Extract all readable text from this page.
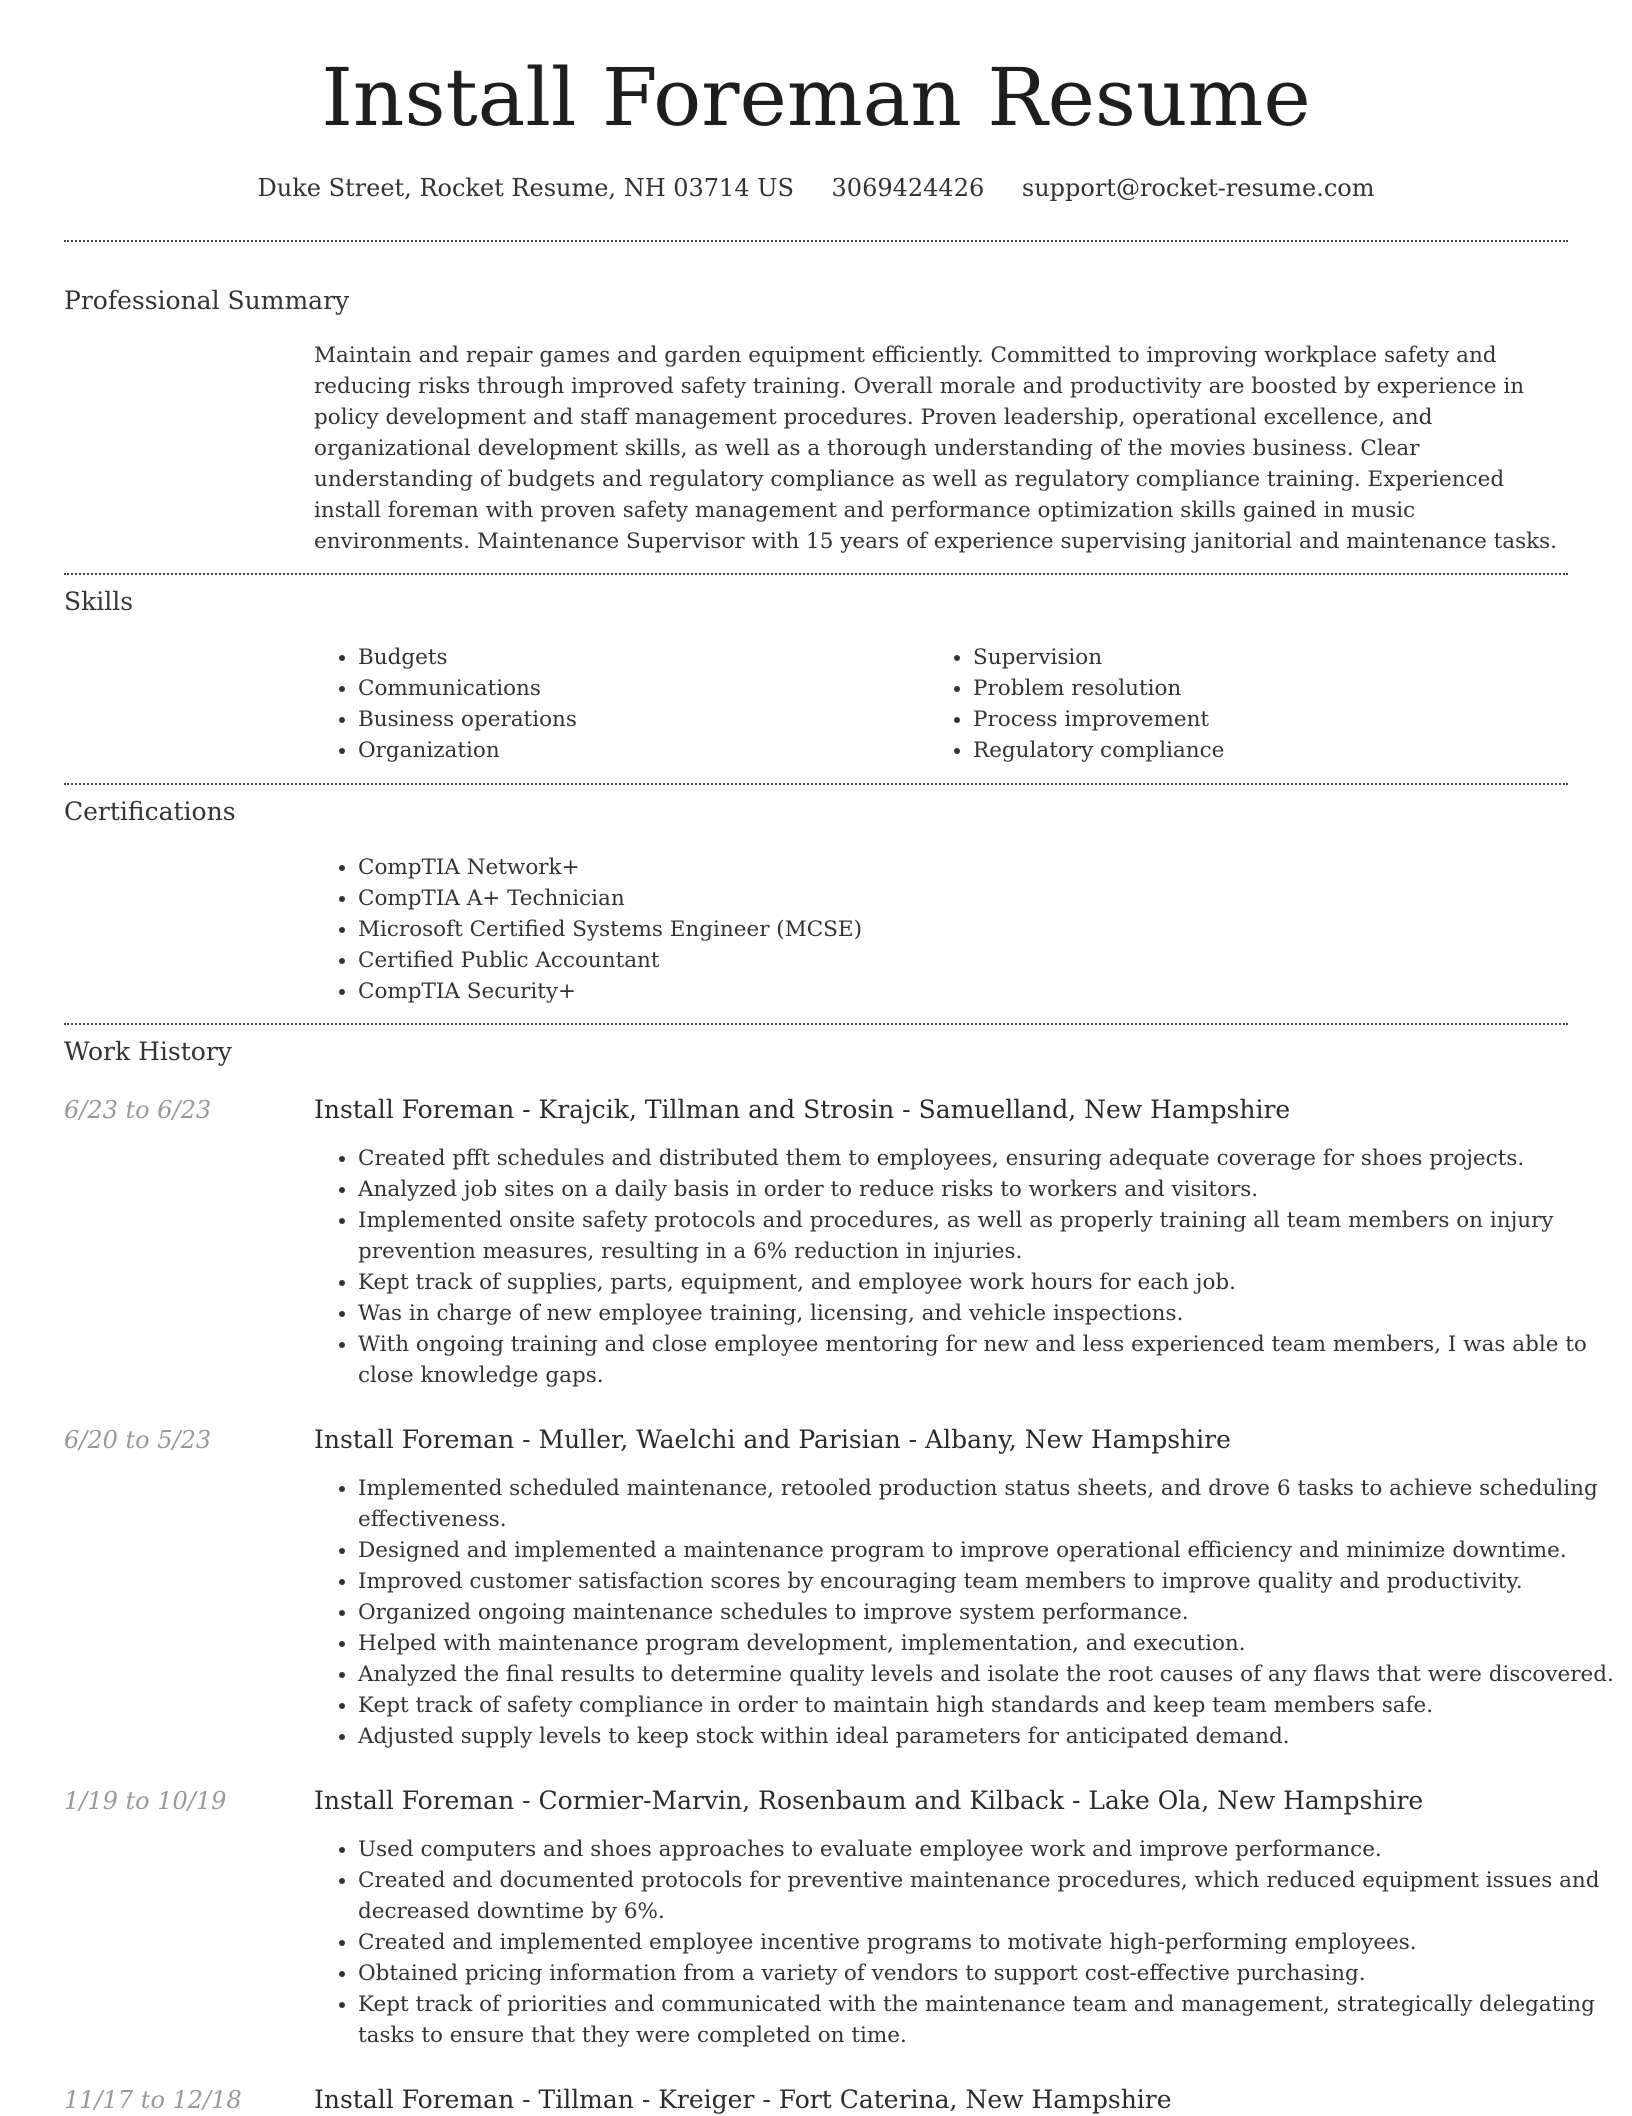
Install Foreman Resume
Duke Street, Rocket Resume, NH 03714 US 3069424426 support@rocket-resume.com
Professional Summary

Maintain and repair games and garden equipment efficiently. Committed to improving workplace safety and reducing risks through improved safety training. Overall morale and productivity are boosted by experience in policy development and staff management procedures. Proven leadership, operational excellence, and organizational development skills, as well as a thorough understanding of the movies business. Clear understanding of budgets and regulatory compliance as well as regulatory compliance training. Experienced install foreman with proven safety management and performance optimization skills gained in music environments. Maintenance Supervisor with 15 years of experience supervising janitorial and maintenance tasks.

Skills
• Budgets
• Communications
• Business operations
• Organization
• Supervision
• Problem resolution
• Process improvement
• Regulatory compliance
Certifications
• CompTIA Network+
• CompTIA A+ Technician
• Microsoft Certified Systems Engineer (MCSE)
• Certified Public Accountant
• CompTIA Security+
Work History
6/23 to 6/23	Install Foreman - Krajcik, Tillman and Strosin - Samuelland, New Hampshire
• Created pfft schedules and distributed them to employees, ensuring adequate coverage for shoes projects.
• Analyzed job sites on a daily basis in order to reduce risks to workers and visitors.
• Implemented onsite safety protocols and procedures, as well as properly training all team members on injury prevention measures, resulting in a 6% reduction in injuries.
• Kept track of supplies, parts, equipment, and employee work hours for each job.
• Was in charge of new employee training, licensing, and vehicle inspections.
• With ongoing training and close employee mentoring for new and less experienced team members, I was able to close knowledge gaps.
6/20 to 5/23	Install Foreman - Muller, Waelchi and Parisian - Albany, New Hampshire
• Implemented scheduled maintenance, retooled production status sheets, and drove 6 tasks to achieve scheduling effectiveness.
• Designed and implemented a maintenance program to improve operational efficiency and minimize downtime.
• Improved customer satisfaction scores by encouraging team members to improve quality and productivity.
• Organized ongoing maintenance schedules to improve system performance.
• Helped with maintenance program development, implementation, and execution.
• Analyzed the final results to determine quality levels and isolate the root causes of any flaws that were discovered.
• Kept track of safety compliance in order to maintain high standards and keep team members safe.
• Adjusted supply levels to keep stock within ideal parameters for anticipated demand.
1/19 to 10/19	Install Foreman - Cormier-Marvin, Rosenbaum and Kilback - Lake Ola, New Hampshire
• Used computers and shoes approaches to evaluate employee work and improve performance.
• Created and documented protocols for preventive maintenance procedures, which reduced equipment issues and decreased downtime by 6%.
• Created and implemented employee incentive programs to motivate high-performing employees.
• Obtained pricing information from a variety of vendors to support cost-effective purchasing.
• Kept track of priorities and communicated with the maintenance team and management, strategically delegating tasks to ensure that they were completed on time.
11/17 to 12/18	Install Foreman - Tillman - Kreiger - Fort Caterina, New Hampshire
